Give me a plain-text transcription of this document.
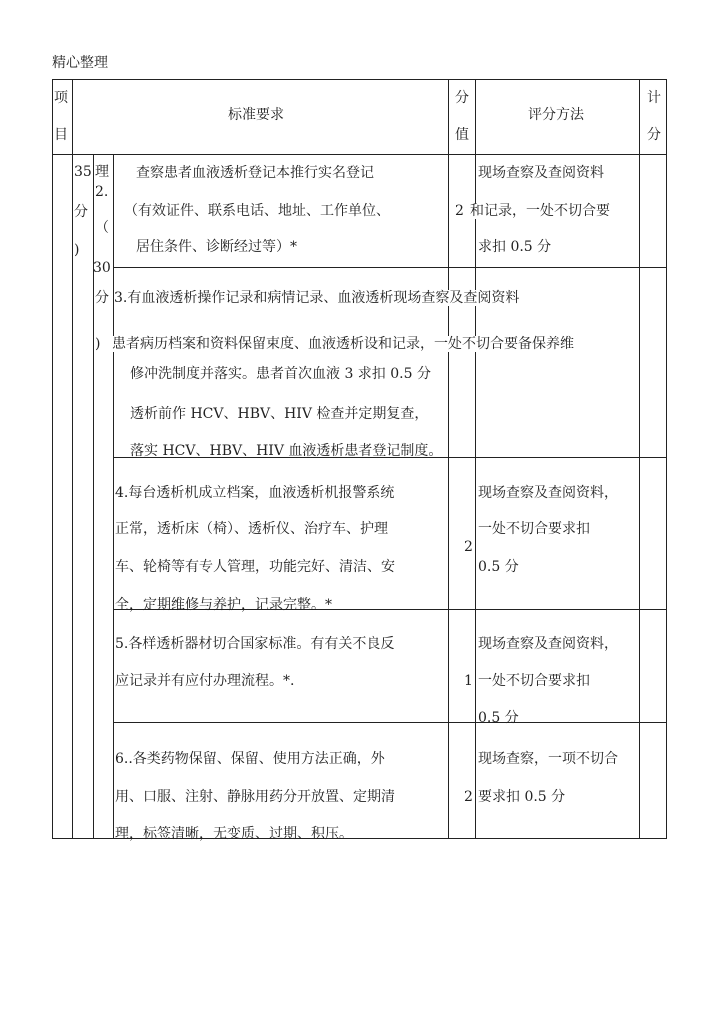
精心整理
项
目
标准要求
分
值
评分方法
计
分
35
分
)
理
2.
（
30
分
)
查察患者血液透析登记本推行实名登记
（有效证件、联系电话、地址、工作单位、
居住条件、诊断经过等）*
2
现场查察及查阅资料
和记录，一处不切合要
求扣 0.5 分
3.有血液透析操作记录和病情记录、血液透析现场查察及查阅资料
患者病历档案和资料保留束度、血液透析设和记录，一处不切合要备保养维
修冲洗制度并落实。患者首次血液 3 求扣 0.5 分
透析前作 HCV、HBV、HIV 检查并定期复查，
落实 HCV、HBV、HIV 血液透析患者登记制度。
4.每台透析机成立档案，血液透析机报警系统
正常，透析床（椅）、透析仪、治疗车、护理
车、轮椅等有专人管理，功能完好、清洁、安
全，定期维修与养护，记录完整。*
2
现场查察及查阅资料，
一处不切合要求扣
0.5 分
5.各样透析器材切合国家标准。有有关不良反
应记录并有应付办理流程。*.	1
现场查察及查阅资料，
一处不切合要求扣
0.5 分
6..各类药物保留、保留、使用方法正确，外
用、口服、注射、静脉用药分开放置、定期清
理，标签清晰，无变质、过期、积压。
2
现场查察，一项不切合
要求扣 0.5 分
